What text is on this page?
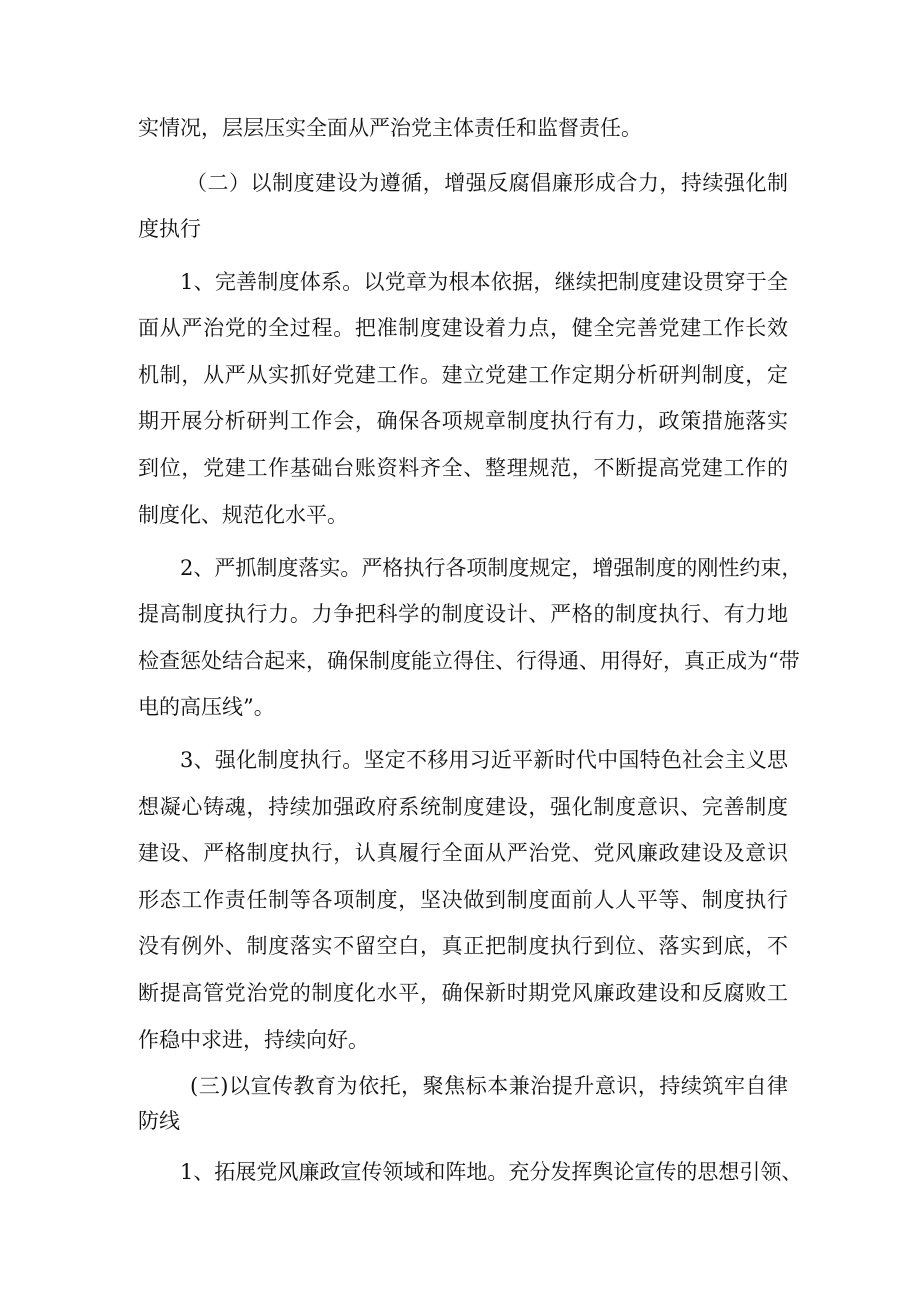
实情况，层层压实全面从严治党主体责任和监督责任。

（二）以制度建设为遵循，增强反腐倡廉形成合力，持续强化制

度执行

1、完善制度体系。以党章为根本依据，继续把制度建设贯穿于全

面从严治党的全过程。把准制度建设着力点，健全完善党建工作长效

机制，从严从实抓好党建工作。建立党建工作定期分析研判制度，定

期开展分析研判工作会，确保各项规章制度执行有力，政策措施落实

到位，党建工作基础台账资料齐全、整理规范，不断提高党建工作的

制度化、规范化水平。

2、严抓制度落实。严格执行各项制度规定，增强制度的刚性约束，

提高制度执行力。力争把科学的制度设计、严格的制度执行、有力地

检查惩处结合起来，确保制度能立得住、行得通、用得好，真正成为“带

电的高压线”。

3、强化制度执行。坚定不移用习近平新时代中国特色社会主义思

想凝心铸魂，持续加强政府系统制度建设，强化制度意识、完善制度

建设、严格制度执行，认真履行全面从严治党、党风廉政建设及意识

形态工作责任制等各项制度，坚决做到制度面前人人平等、制度执行

没有例外、制度落实不留空白，真正把制度执行到位、落实到底，不

断提高管党治党的制度化水平，确保新时期党风廉政建设和反腐败工

作稳中求进，持续向好。

(三)以宣传教育为依托，聚焦标本兼治提升意识，持续筑牢自律

防线

1、拓展党风廉政宣传领域和阵地。充分发挥舆论宣传的思想引领、
